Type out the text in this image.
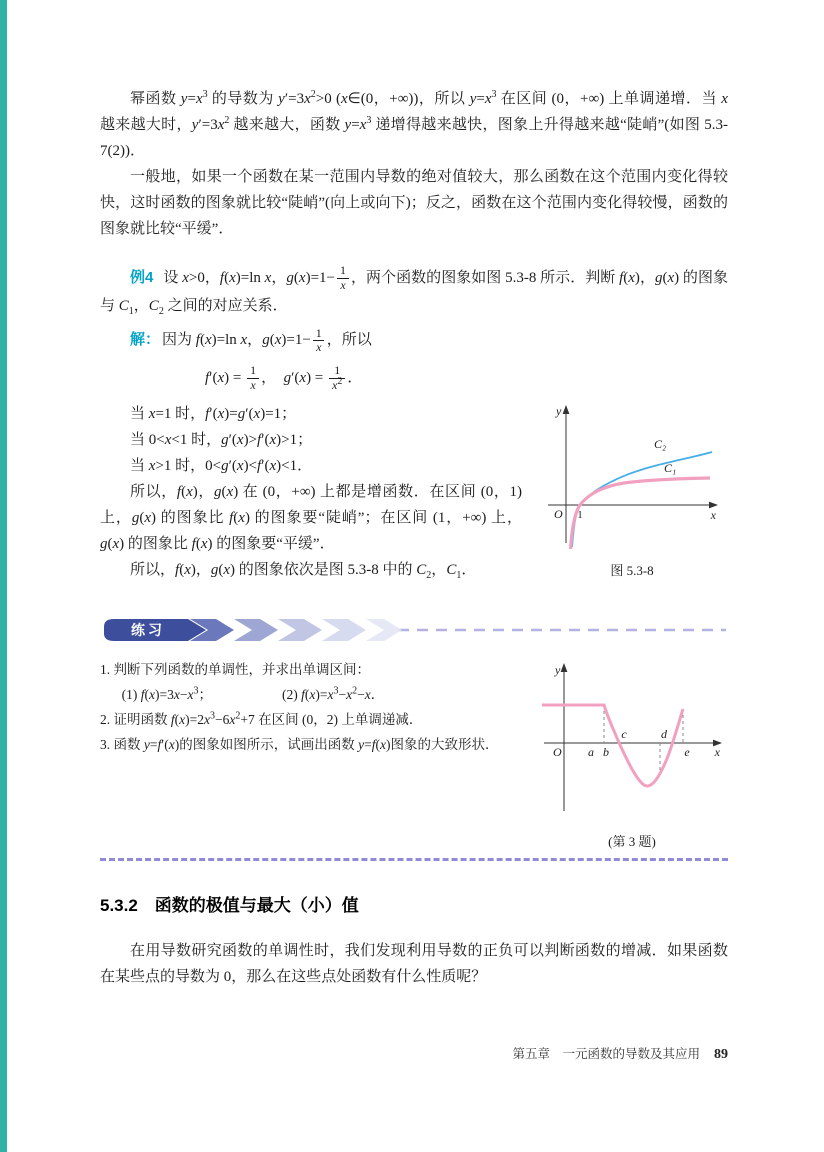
幂函数 $y=x^3$ 的导数为 $y'=3x^2>0$ (x∈(0，+∞))，所以 $y=x^3$ 在区间 (0，+∞) 上单调递增．当 x 越来越大时，$y'=3x^2$ 越来越大，函数 $y=x^3$ 递增得越来越快，图象上升得越来越“陡峭”(如图 5.3-7(2))．

一般地，如果一个函数在某一范围内导数的绝对值较大，那么函数在这个范围内变化得较快，这时函数的图象就比较“陡峭”(向上或向下)；反之，函数在这个范围内变化得较慢，函数的图象就比较“平缓”．

例4 设 x>0，f(x)=ln x，$g(x)=1- \frac{1}{x}$ ，两个函数的图象如图 5.3-8 所示．判断 f(x)，g(x) 的图象与 $C_1$，$C_2$ 之间的对应关系．

解： 因为 f(x)=ln x，$g(x)=1- \frac{1}{x}$ ，所以

$f'(x) = \frac{1}{x}$ ，　$g'(x) = \frac{1}{x^2}$ ．

y
x
O 1
C₂
C₁
图 5.3-8

当 x=1 时，f′(x)=g′(x)=1；

当 0<x<1 时，g′(x)>f′(x)>1；

当 x>1 时，0<g′(x)<f′(x)<1．

所以，f(x)，g(x) 在 (0，+∞) 上都是增函数．在区间 (0，1) 上，g(x) 的图象比 f(x) 的图象要“陡峭”；在区间 (1，+∞) 上，g(x) 的图象比 f(x) 的图象要“平缓”．

所以，f(x)，g(x) 的图象依次是图 5.3-8 中的 $C_2$，$C_1$．

练习
y
x
O a b
c	d
e
(第 3 题)

1. 判断下列函数的单调性，并求出单调区间：

(1) $f(x)=3x-x^3$；	(2) $f(x)=x^3-x^2-x$．

2. 证明函数 $f(x)=2x^3-6x^2+7$ 在区间 (0，2) 上单调递减．

3. 函数 y=f′(x)的图象如图所示，试画出函数 y=f(x)图象的大致形状．

5.3.2　函数的极值与最大（小）值

在用导数研究函数的单调性时，我们发现利用导数的正负可以判断函数的增减．如果函数在某些点的导数为 0，那么在这些点处函数有什么性质呢？

第五章　一元函数的导数及其应用 89
